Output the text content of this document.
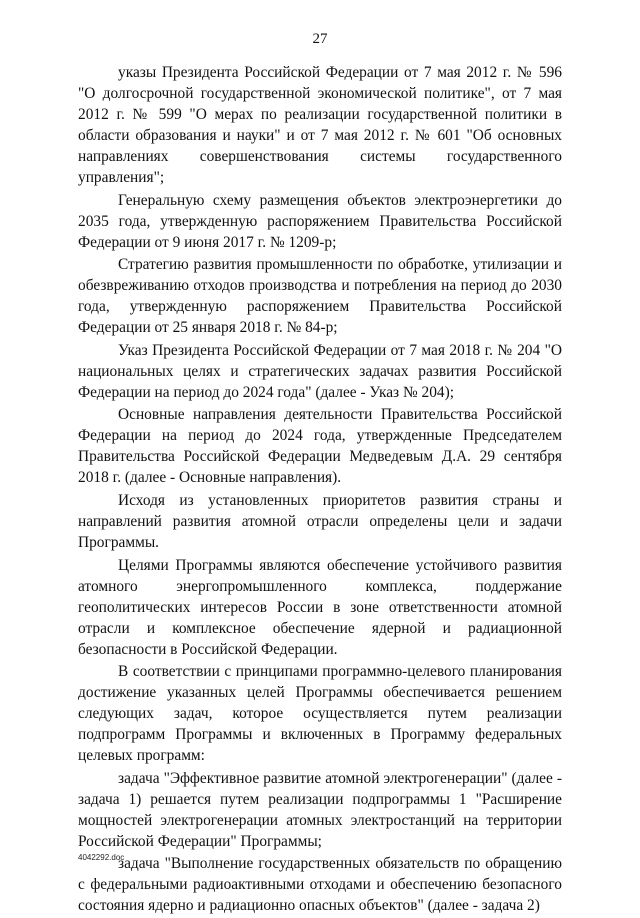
27

указы Президента Российской Федерации от 7 мая 2012 г. № 596 "О долгосрочной государственной экономической политике", от 7 мая 2012 г. № 599 "О мерах по реализации государственной политики в области образования и науки" и от 7 мая 2012 г. № 601 "Об основных направлениях совершенствования системы государственного управления";

Генеральную схему размещения объектов электроэнергетики до 2035 года, утвержденную распоряжением Правительства Российской Федерации от 9 июня 2017 г. № 1209-р;

Стратегию развития промышленности по обработке, утилизации и обезвреживанию отходов производства и потребления на период до 2030 года, утвержденную распоряжением Правительства Российской Федерации от 25 января 2018 г. № 84-р;

Указ Президента Российской Федерации от 7 мая 2018 г. № 204 "О национальных целях и стратегических задачах развития Российской Федерации на период до 2024 года" (далее - Указ № 204);

Основные направления деятельности Правительства Российской Федерации на период до 2024 года, утвержденные Председателем Правительства Российской Федерации Медведевым Д.А. 29 сентября 2018 г. (далее - Основные направления).

Исходя из установленных приоритетов развития страны и направлений развития атомной отрасли определены цели и задачи Программы.

Целями Программы являются обеспечение устойчивого развития атомного энергопромышленного комплекса, поддержание геополитических интересов России в зоне ответственности атомной отрасли и комплексное обеспечение ядерной и радиационной безопасности в Российской Федерации.

В соответствии с принципами программно-целевого планирования достижение указанных целей Программы обеспечивается решением следующих задач, которое осуществляется путем реализации подпрограмм Программы и включенных в Программу федеральных целевых программ:

задача "Эффективное развитие атомной электрогенерации" (далее - задача 1) решается путем реализации подпрограммы 1 "Расширение мощностей электрогенерации атомных электростанций на территории Российской Федерации" Программы;

задача "Выполнение государственных обязательств по обращению с федеральными радиоактивными отходами и обеспечению безопасного состояния ядерно и радиационно опасных объектов" (далее - задача 2)

4042292.doc
